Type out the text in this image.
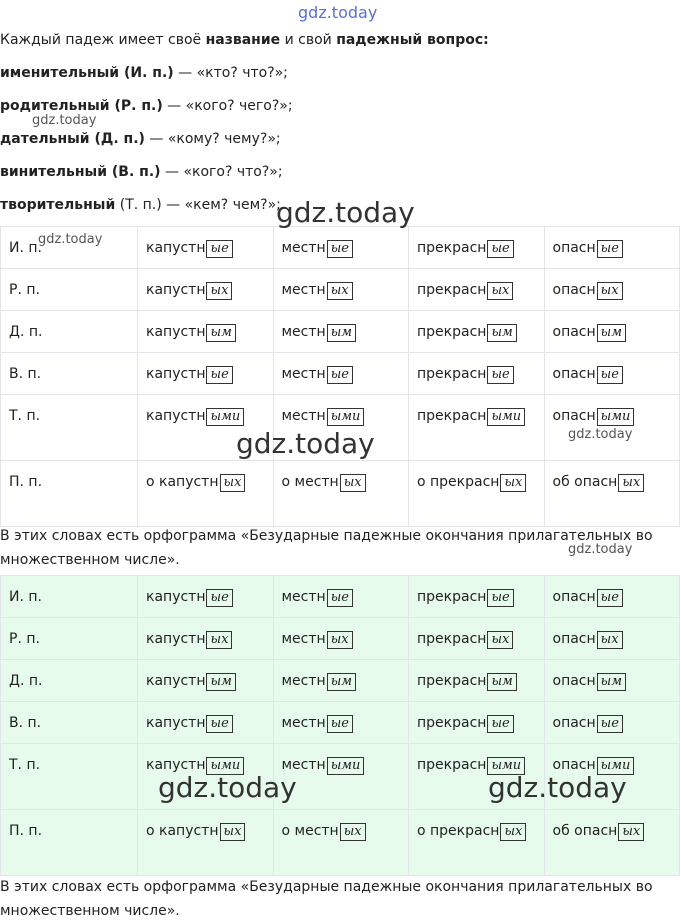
gdz.today
Каждый падеж имеет своё название и свой падежный вопрос:
именительный (И. п.) — «кто? что?»;
родительный (Р. п.) — «кого? чего?»;
дательный (Д. п.) — «кому? чему?»;
винительный (В. п.) — «кого? что?»;
творительный (Т. п.) — «кем? чем?»;
И. п.	капустн ые	местн ые	прекрасн ые	опасн ые
Р. п.	капустн ых	местн ых	прекрасн ых	опасн ых
Д. п.	капустн ым	местн ым	прекрасн ым	опасн ым
В. п.	капустн ые	местн ые	прекрасн ые	опасн ые
Т. п.	капустн ыми	местн ыми	прекрасн ыми	опасн ыми
П. п.	о капустн ых	о местн ых	о прекрасн ых	об опасн ых
В этих словах есть орфограмма «Безударные падежные окончания прилагательных во множественном числе».
И. п.	капустн ые	местн ые	прекрасн ые	опасн ые
Р. п.	капустн ых	местн ых	прекрасн ых	опасн ых
Д. п.	капустн ым	местн ым	прекрасн ым	опасн ым
В. п.	капустн ые	местн ые	прекрасн ые	опасн ые
Т. п.	капустн ыми	местн ыми	прекрасн ыми	опасн ыми
П. п.	о капустн ых	о местн ых	о прекрасн ых	об опасн ых
В этих словах есть орфограмма «Безударные падежные окончания прилагательных во множественном числе».
gdz.today
gdz.today
gdz.today
gdz.today
gdz.today
gdz.today
gdz.today	gdz.today
